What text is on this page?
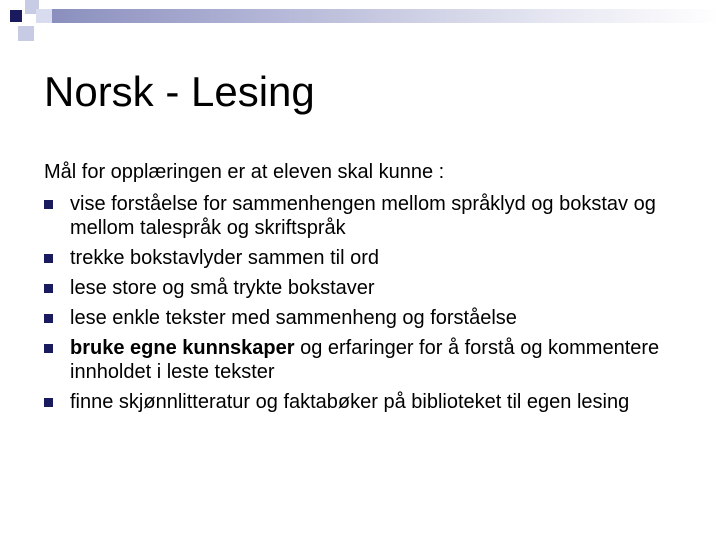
Norsk - Lesing
Mål for opplæringen er at eleven skal kunne :
vise forståelse for sammenhengen mellom språklyd og bokstav og mellom talespråk og skriftspråk
trekke bokstavlyder sammen til ord
lese store og små trykte bokstaver
lese enkle tekster med sammenheng og forståelse
bruke egne kunnskaper og erfaringer for å forstå og kommentere innholdet i leste tekster
finne skjønnlitteratur og faktabøker på biblioteket til egen lesing
